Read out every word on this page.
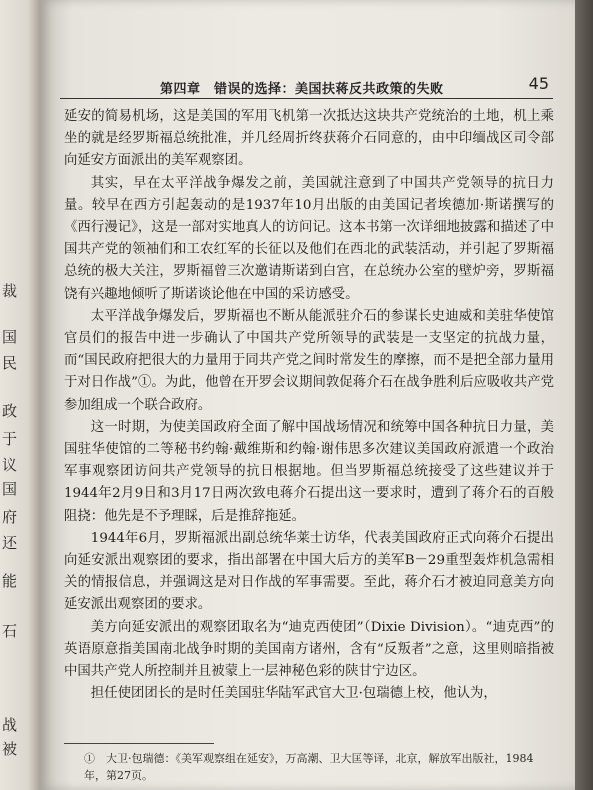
裁
国
民
政
于
议
国
府
还
能
石
战
被
第四章　错误的选择：美国扶蒋反共政策的失败	45

延安的简易机场，这是美国的军用飞机第一次抵达这块共产党统治的土地，机上乘坐的就是经罗斯福总统批准，并几经周折终获蒋介石同意的，由中印缅战区司令部向延安方面派出的美军观察团。

其实，早在太平洋战争爆发之前，美国就注意到了中国共产党领导的抗日力量。较早在西方引起轰动的是1937年10月出版的由美国记者埃德加·斯诺撰写的《西行漫记》，这是一部对实地真人的访问记。这本书第一次详细地披露和描述了中国共产党的领袖们和工农红军的长征以及他们在西北的武装活动，并引起了罗斯福总统的极大关注，罗斯福曾三次邀请斯诺到白宫，在总统办公室的壁炉旁，罗斯福饶有兴趣地倾听了斯诺谈论他在中国的采访感受。

太平洋战争爆发后，罗斯福也不断从能派驻介石的参谋长史迪威和美驻华使馆官员们的报告中进一步确认了中国共产党所领导的武装是一支坚定的抗战力量，而“国民政府把很大的力量用于同共产党之间时常发生的摩擦，而不是把全部力量用于对日作战”①。为此，他曾在开罗会议期间敦促蒋介石在战争胜利后应吸收共产党参加组成一个联合政府。

这一时期，为使美国政府全面了解中国战场情况和统筹中国各种抗日力量，美国驻华使馆的二等秘书约翰·戴维斯和约翰·谢伟思多次建议美国政府派遣一个政治军事观察团访问共产党领导的抗日根据地。但当罗斯福总统接受了这些建议并于1944年2月9日和3月17日两次致电蒋介石提出这一要求时，遭到了蒋介石的百般阻挠：他先是不予理睬，后是推辞拖延。

1944年6月，罗斯福派出副总统华莱士访华，代表美国政府正式向蒋介石提出向延安派出观察团的要求，指出部署在中国大后方的美军B－29重型轰炸机急需相关的情报信息，并强调这是对日作战的军事需要。至此，蒋介石才被迫同意美方向延安派出观察团的要求。

美方向延安派出的观察团取名为“迪克西使团”（Dixie Division）。“迪克西”的英语原意指美国南北战争时期的美国南方诸州，含有“反叛者”之意，这里则暗指被中国共产党人所控制并且被蒙上一层神秘色彩的陕甘宁边区。

担任使团团长的是时任美国驻华陆军武官大卫·包瑞德上校，他认为，

①　大卫·包瑞德：《美军观察组在延安》，万高潮、卫大匡等译，北京，解放军出版社，1984年，第27页。
